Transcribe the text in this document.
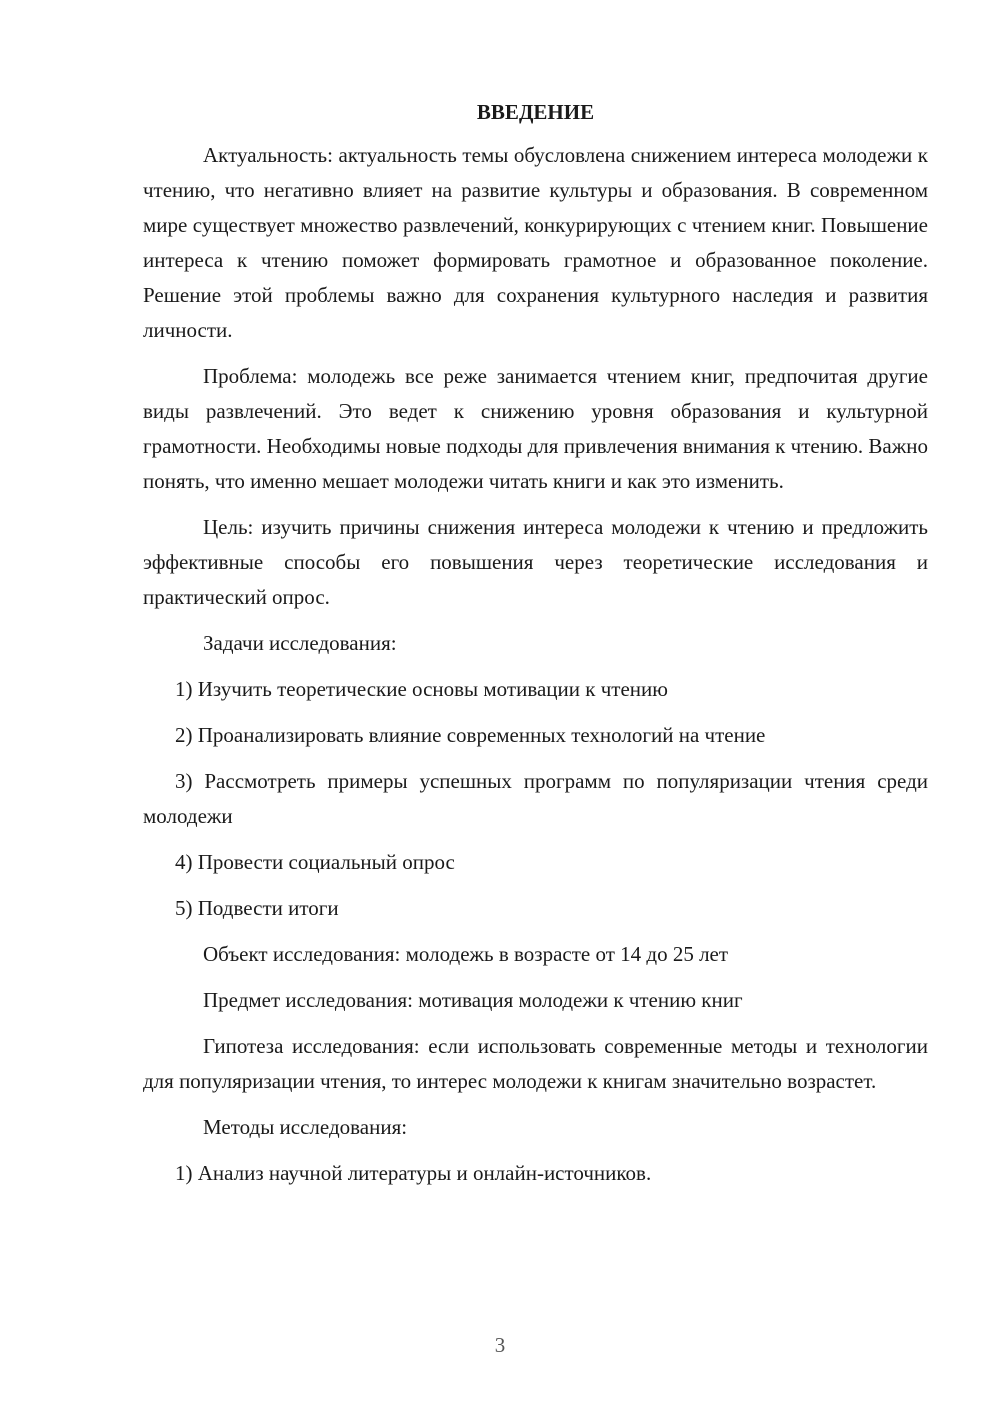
ВВЕДЕНИЕ

Актуальность: актуальность темы обусловлена снижением интереса молодежи к чтению, что негативно влияет на развитие культуры и образования. В современном мире существует множество развлечений, конкурирующих с чтением книг. Повышение интереса к чтению поможет формировать грамотное и образованное поколение. Решение этой проблемы важно для сохранения культурного наследия и развития личности.

Проблема: молодежь все реже занимается чтением книг, предпочитая другие виды развлечений. Это ведет к снижению уровня образования и культурной грамотности. Необходимы новые подходы для привлечения внимания к чтению. Важно понять, что именно мешает молодежи читать книги и как это изменить.

Цель: изучить причины снижения интереса молодежи к чтению и предложить эффективные способы его повышения через теоретические исследования и практический опрос.

Задачи исследования:

1) Изучить теоретические основы мотивации к чтению

2) Проанализировать влияние современных технологий на чтение

3) Рассмотреть примеры успешных программ по популяризации чтения среди молодежи

4) Провести социальный опрос

5) Подвести итоги

Объект исследования: молодежь в возрасте от 14 до 25 лет

Предмет исследования: мотивация молодежи к чтению книг

Гипотеза исследования: если использовать современные методы и технологии для популяризации чтения, то интерес молодежи к книгам значительно возрастет.

Методы исследования:

1) Анализ научной литературы и онлайн-источников.

3
